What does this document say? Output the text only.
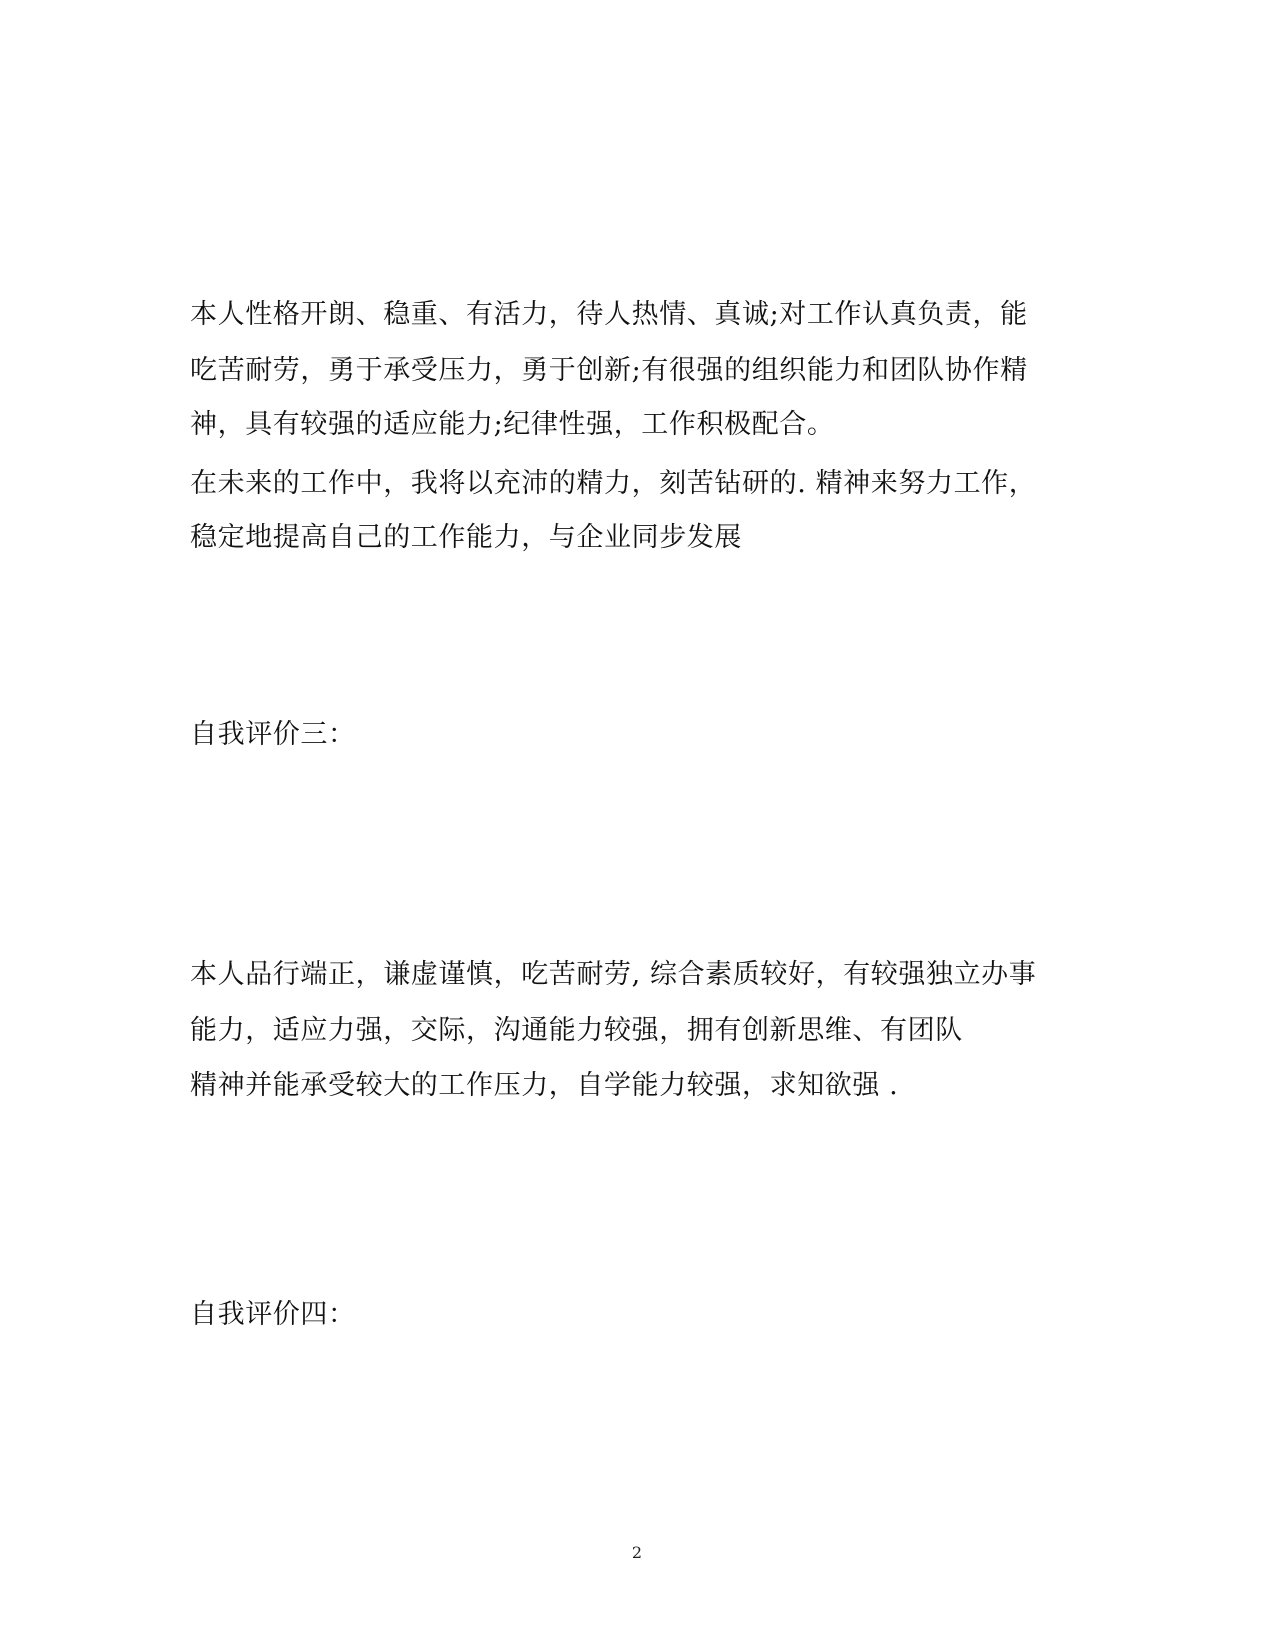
本人性格开朗、稳重、有活力，待人热情、真诚;对工作认真负责，能
吃苦耐劳，勇于承受压力，勇于创新;有很强的组织能力和团队协作精
神，具有较强的适应能力;纪律性强，工作积极配合。
在未来的工作中，我将以充沛的精力，刻苦钻研的. 精神来努力工作，
稳定地提高自己的工作能力，与企业同步发展
自我评价三：
本人品行端正，谦虚谨慎，吃苦耐劳, 综合素质较好，有较强独立办事
能力，适应力强，交际，沟通能力较强，拥有创新思维、有团队
精神并能承受较大的工作压力，自学能力较强，求知欲强 .
自我评价四：
2
